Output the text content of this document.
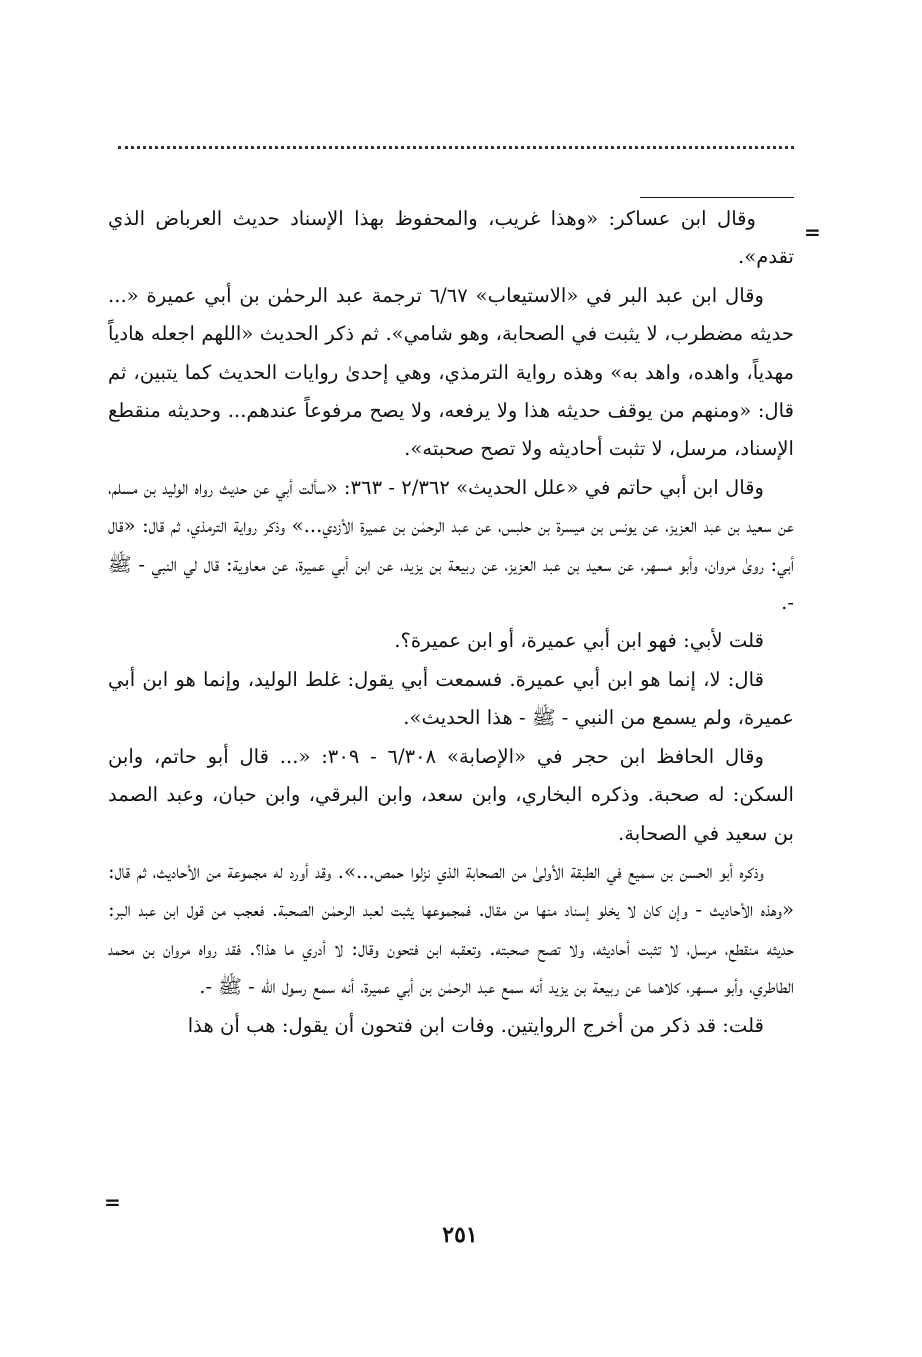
=

وقال ابن عساكر: «وهذا غريب، والمحفوظ بهذا الإسناد حديث العرباض الذي تقدم».

وقال ابن عبد البر في «الاستيعاب» ٦/٦٧ ترجمة عبد الرحمٰن بن أبي عميرة «... حديثه مضطرب، لا يثبت في الصحابة، وهو شامي». ثم ذكر الحديث «اللهم اجعله هادياً مهدياً، واهده، واهد به» وهذه رواية الترمذي، وهي إحدىٰ روايات الحديث كما يتبين، ثم قال: «ومنهم من يوقف حديثه هذا ولا يرفعه، ولا يصح مرفوعاً عندهم... وحديثه منقطع الإسناد، مرسل، لا تثبت أحاديثه ولا تصح صحبته».

وقال ابن أبي حاتم في «علل الحديث» ٢/٣٦٢ - ٣٦٣: «سألت أبي عن حديث رواه الوليد بن مسلم، عن سعيد بن عبد العزيز، عن يونس بن ميسرة بن حلبس، عن عبد الرحمٰن بن عميرة الأزدي...» وذكر رواية الترمذي، ثم قال: «قال أبي: روىٰ مروان، وأبو مسهر، عن سعيد بن عبد العزيز، عن ربيعة بن يزيد، عن ابن أبي عميرة، عن معاوية: قال لي النبي - ﷺ -.

قلت لأبي: فهو ابن أبي عميرة، أو ابن عميرة؟.

قال: لا، إنما هو ابن أبي عميرة. فسمعت أبي يقول: غلط الوليد، وإنما هو ابن أبي عميرة، ولم يسمع من النبي - ﷺ - هذا الحديث».

وقال الحافظ ابن حجر في «الإصابة» ٦/٣٠٨ - ٣٠٩: «... قال أبو حاتم، وابن السكن: له صحبة. وذكره البخاري، وابن سعد، وابن البرقي، وابن حبان، وعبد الصمد بن سعيد في الصحابة.

وذكره أبو الحسن بن سميع في الطبقة الأولىٰ من الصحابة الذي نزلوا حمص...». وقد أورد له مجموعة من الأحاديث، ثم قال: «وهذه الأحاديث - وإن كان لا يخلو إسناد منها من مقال. فمجموعها يثبت لعبد الرحمٰن الصحبة. فعجب من قول ابن عبد البر: حديثه منقطع، مرسل، لا تثبت أحاديثه، ولا تصح صحبته. وتعقبه ابن فتحون وقال: لا أدري ما هذا؟. فقد رواه مروان بن محمد الطاطري، وأبو مسهر، كلاهما عن ربيعة بن يزيد أنه سمع عبد الرحمٰن بن أبي عميرة، أنه سمع رسول الله - ﷺ -.

قلت: قد ذكر من أخرج الروايتين. وفات ابن فتحون أن يقول: هب أن هذا

=
٢٥١
